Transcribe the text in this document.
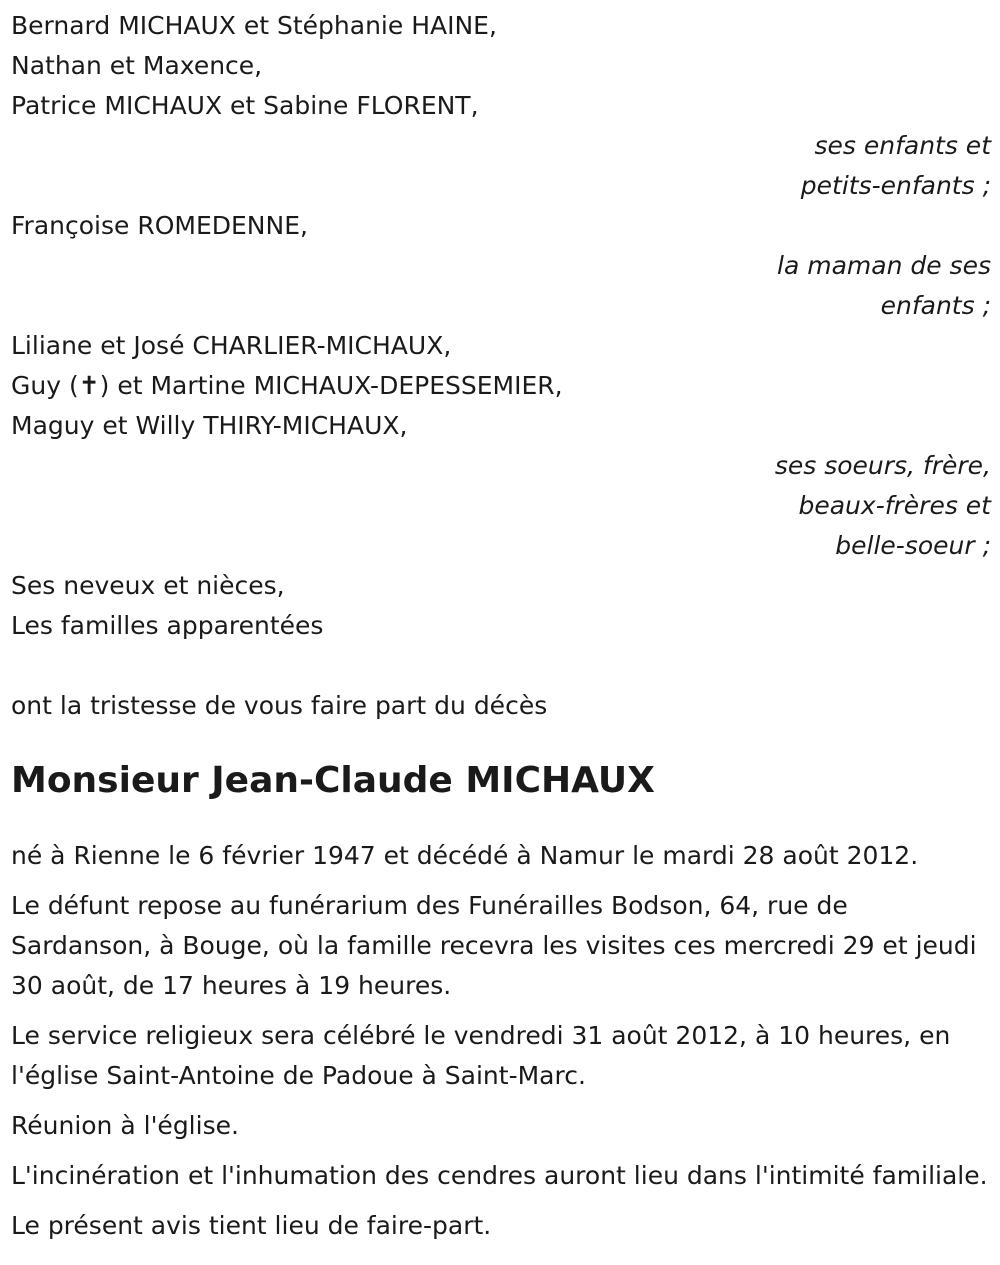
Bernard MICHAUX et Stéphanie HAINE,
Nathan et Maxence,
Patrice MICHAUX et Sabine FLORENT,
ses enfants et
petits-enfants ;
Françoise ROMEDENNE,
la maman de ses
enfants ;
Liliane et José CHARLIER-MICHAUX,
Guy (✝) et Martine MICHAUX-DEPESSEMIER,
Maguy et Willy THIRY-MICHAUX,
ses soeurs, frère,
beaux-frères et
belle-soeur ;
Ses neveux et nièces,
Les familles apparentées
ont la tristesse de vous faire part du décès
Monsieur Jean-Claude MICHAUX
né à Rienne le 6 février 1947 et décédé à Namur le mardi 28 août 2012.
Le défunt repose au funérarium des Funérailles Bodson, 64, rue de Sardanson, à Bouge, où la famille recevra les visites ces mercredi 29 et jeudi 30 août, de 17 heures à 19 heures.
Le service religieux sera célébré le vendredi 31 août 2012, à 10 heures, en l'église Saint-Antoine de Padoue à Saint-Marc.
Réunion à l'église.
L'incinération et l'inhumation des cendres auront lieu dans l'intimité familiale.
Le présent avis tient lieu de faire-part.
